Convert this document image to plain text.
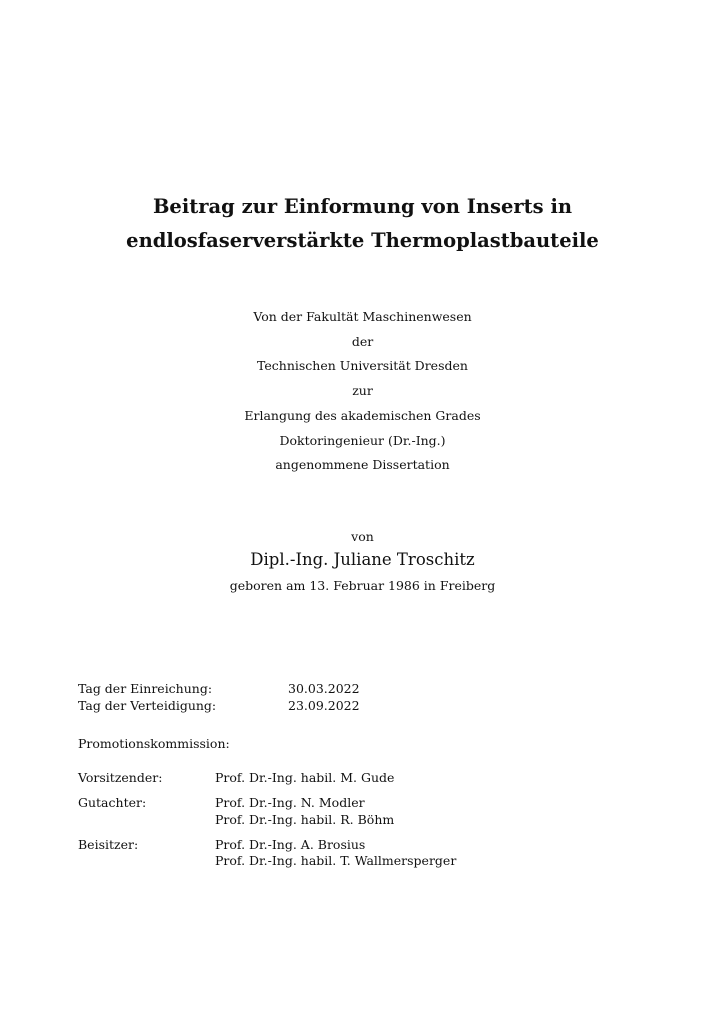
Beitrag zur Einformung von Inserts in
endlosfaserverstärkte Thermoplastbauteile
Von der Fakultät Maschinenwesen
der
Technischen Universität Dresden
zur
Erlangung des akademischen Grades
Doktoringenieur (Dr.-Ing.)
angenommene Dissertation
von
Dipl.-Ing. Juliane Troschitz
geboren am 13. Februar 1986 in Freiberg
Tag der Einreichung:	30.03.2022
Tag der Verteidigung:	23.09.2022
Promotionskommission:
Vorsitzender:	Prof. Dr.-Ing. habil. M. Gude
Gutachter:	Prof. Dr.-Ing. N. Modler
Prof. Dr.-Ing. habil. R. Böhm
Beisitzer:	Prof. Dr.-Ing. A. Brosius
Prof. Dr.-Ing. habil. T. Wallmersperger
